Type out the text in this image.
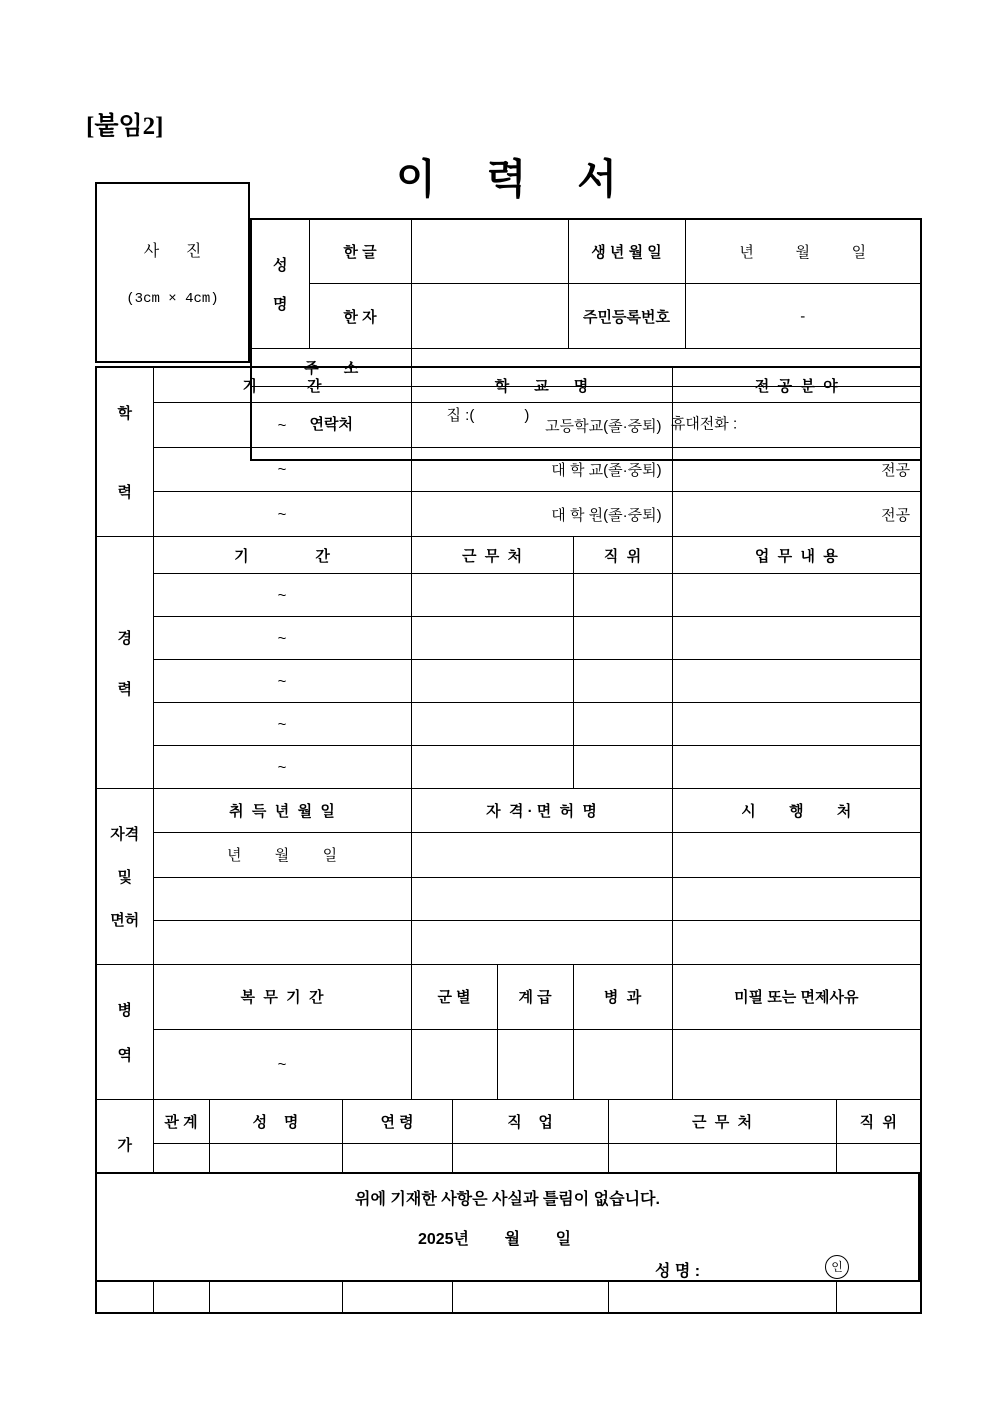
[붙임2]
이    력    서
사      진
(3cm × 4cm)

성
명	한 글		생 년 월 일	년          월          일
	한 자		주민등록번호	-
주      소				
연락처		집 :(            )
휴대전화 :		

학
력	기            간			학      교      명					전  공  분  야	
	~			고등학교(졸·중퇴)						
	~			대 학 교(졸·중퇴)					전공	
	~			대 학 원(졸·중퇴)					전공	

경
력	기                간			근  무  처			직  위		업  무  내  용	
	~									
	~									
	~									
	~									
	~									

자격
및
면허	취  득  년  월  일			자  격 · 면  허  명					시        행        처	
	년        월        일									

병
역	복  무  기  간			군 별		계 급	병  과		미필 또는 면제사유	
	~									

가	관 계	성    명	연 령		직    업			근  무  처		직  위

위에 기재한 사항은 사실과 틀림이 없습니다.
2025년        월        일
성 명 :	인
